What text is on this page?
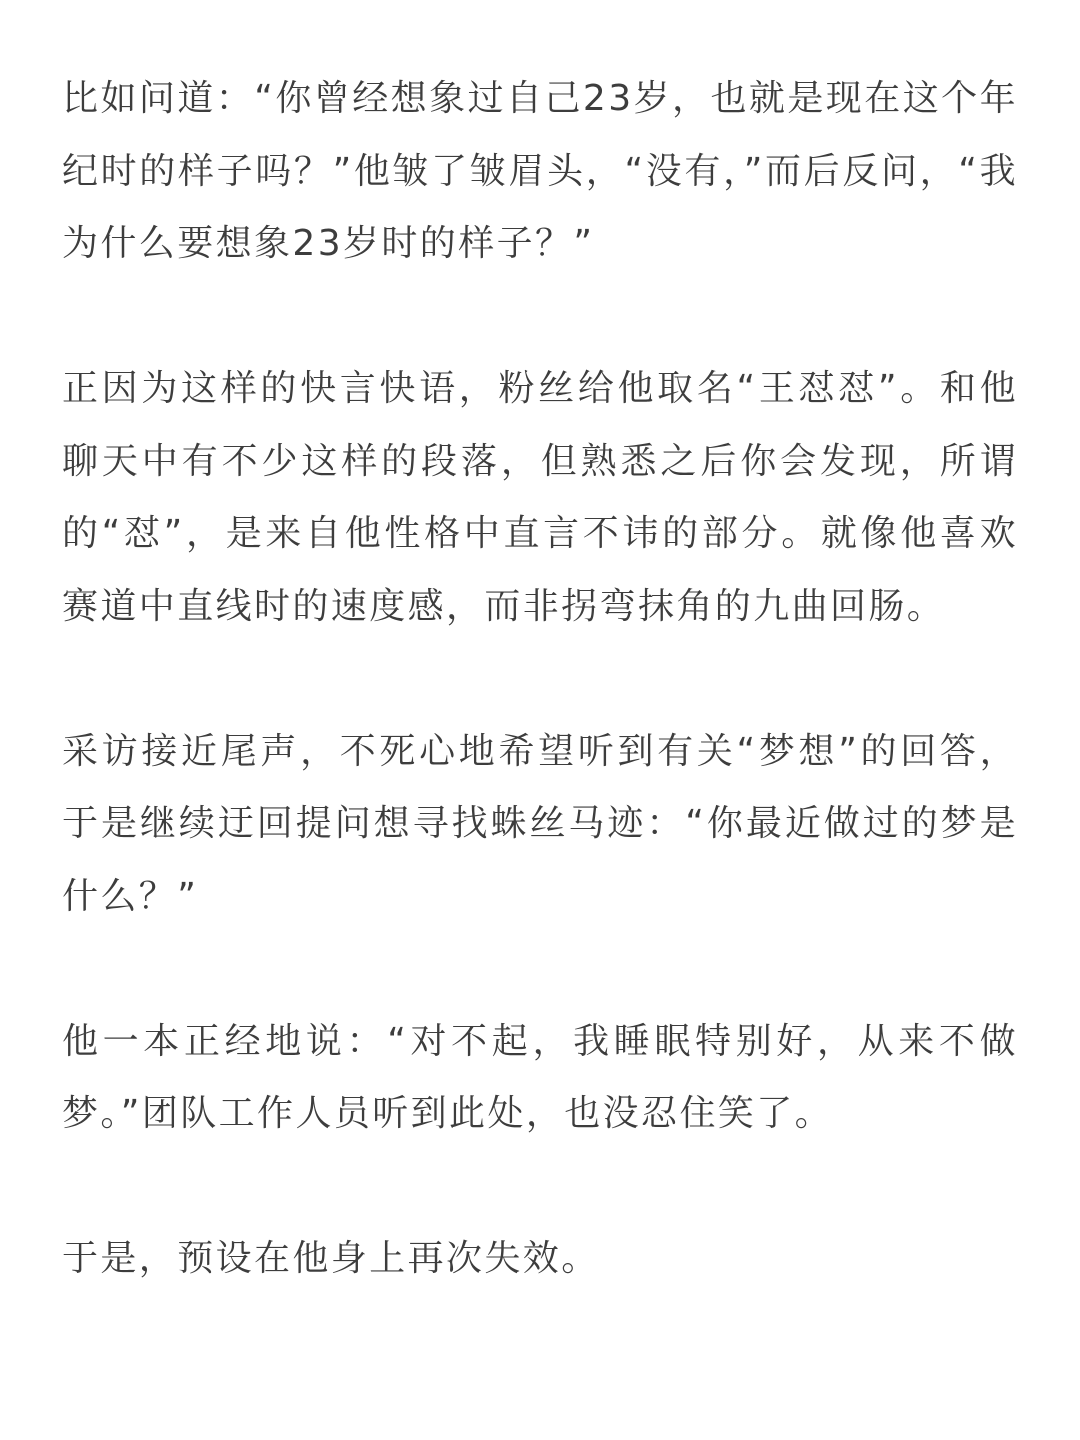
比如问道：“你曾经想象过自己23岁，也就是现在这个年纪时的样子吗？”他皱了皱眉头，“没有，”而后反问，“我为什么要想象23岁时的样子？”

正因为这样的快言快语，粉丝给他取名“王怼怼”。和他聊天中有不少这样的段落，但熟悉之后你会发现，所谓的“怼”，是来自他性格中直言不讳的部分。就像他喜欢赛道中直线时的速度感，而非拐弯抹角的九曲回肠。

采访接近尾声，不死心地希望听到有关“梦想”的回答，于是继续迂回提问想寻找蛛丝马迹：“你最近做过的梦是什么？”

他一本正经地说：“对不起，我睡眠特别好，从来不做梦。”团队工作人员听到此处，也没忍住笑了。

于是，预设在他身上再次失效。
